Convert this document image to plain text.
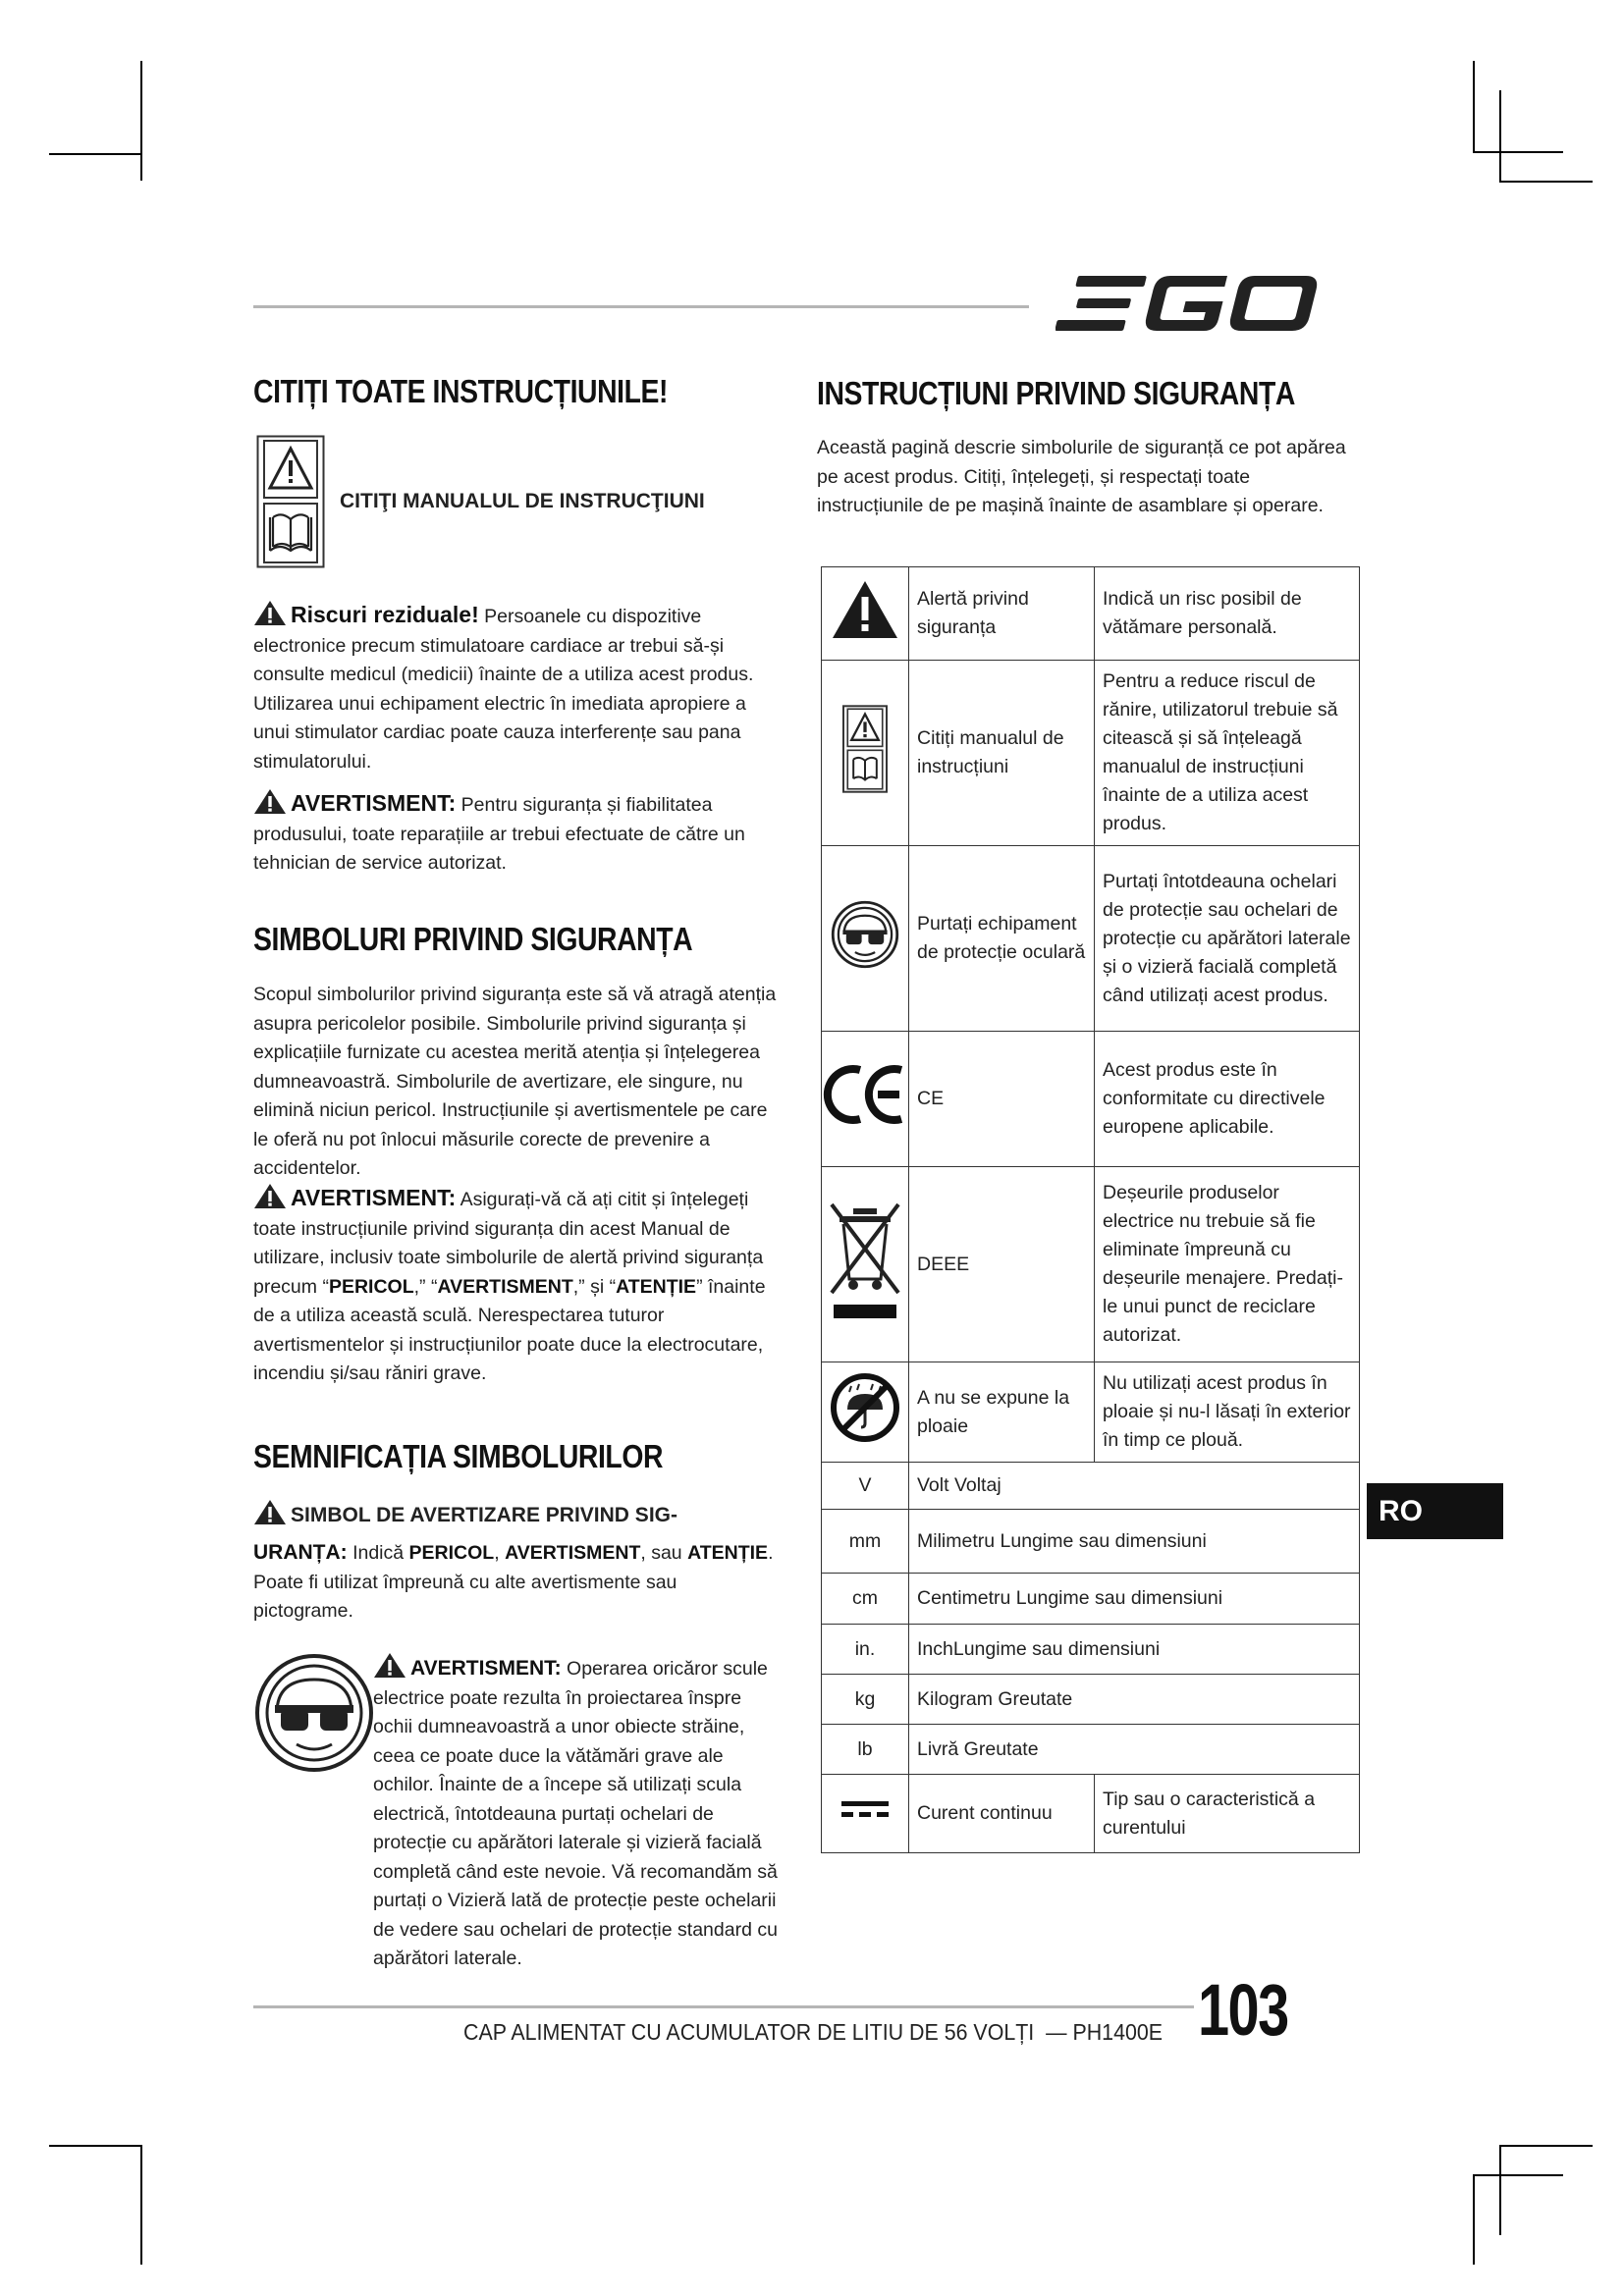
CITIȚI TOATE INSTRUCȚIUNILE!
CITIŢI MANUALUL DE INSTRUCŢIUNI
Riscuri reziduale! Persoanele cu dispozitive electronice precum stimulatoare cardiace ar trebui să-și consulte medicul (medicii) înainte de a utiliza acest produs. Utilizarea unui echipament electric în imediata apropiere a unui stimulator cardiac poate cauza interferențe sau pana stimulatorului.
AVERTISMENT: Pentru siguranța și fiabilitatea produsului, toate reparațiile ar trebui efectuate de către un tehnician de service autorizat.
SIMBOLURI PRIVIND SIGURANȚA
Scopul simbolurilor privind siguranța este să vă atragă atenția asupra pericolelor posibile. Simbolurile privind siguranța și explicațiile furnizate cu acestea merită atenția și înțelegerea dumneavoastră. Simbolurile de avertizare, ele singure, nu elimină niciun pericol. Instrucțiunile și avertismentele pe care le oferă nu pot înlocui măsurile corecte de prevenire a accidentelor.
AVERTISMENT: Asigurați-vă că ați citit și înțelegeți toate instrucțiunile privind siguranța din acest Manual de utilizare, inclusiv toate simbolurile de alertă privind siguranța precum “PERICOL,” “AVERTISMENT,” și “ATENȚIE” înainte de a utiliza această sculă. Nerespectarea tuturor avertismentelor și instrucțiunilor poate duce la electrocutare, incendiu și/sau răniri grave.
SEMNIFICAȚIA SIMBOLURILOR
SIMBOL DE AVERTIZARE PRIVIND SIG-
URANȚA: Indică PERICOL, AVERTISMENT, sau ATENȚIE. Poate fi utilizat împreună cu alte avertismente sau pictograme.
AVERTISMENT: Operarea oricăror scule electrice poate rezulta în proiectarea înspre ochii dumneavoastră a unor obiecte străine, ceea ce poate duce la vătămări grave ale ochilor. Înainte de a începe să utilizați scula electrică, întotdeauna purtați ochelari de protecție cu apărători laterale și vizieră facială completă când este nevoie. Vă recomandăm să purtați o Vizieră lată de protecție peste ochelarii de vedere sau ochelari de protecție standard cu apărători laterale.
INSTRUCȚIUNI PRIVIND SIGURANȚA
Această pagină descrie simbolurile de siguranță ce pot apărea pe acest produs. Citiți, înțelegeți, și respectați toate instrucțiunile de pe mașină înainte de asamblare și operare.
	Alertă privind siguranța	Indică un risc posibil de vătămare personală.
	Citiți manualul de instrucțiuni	Pentru a reduce riscul de rănire, utilizatorul trebuie să citească și să înțeleagă manualul de instrucțiuni înainte de a utiliza acest produs.
	Purtați echipament de protecție oculară	Purtați întotdeauna ochelari de protecție sau ochelari de protecție cu apărători laterale și o vizieră facială completă când utilizați acest produs.
	CE	Acest produs este în conformitate cu directivele europene aplicabile.
	DEEE	Deșeurile produselor electrice nu trebuie să fie eliminate împreună cu deșeurile menajere. Predați-le unui punct de reciclare autorizat.
	A nu se expune la ploaie	Nu utilizați acest produs în ploaie și nu-l lăsați în exterior în timp ce plouă.
V	Volt Voltaj	
mm	Milimetru Lungime sau dimensiuni	
cm	Centimetru Lungime sau dimensiuni	
in.	InchLungime sau dimensiuni	
kg	Kilogram Greutate	
lb	Livră Greutate	
	Curent continuu	Tip sau o caracteristică a curentului
RO
CAP ALIMENTAT CU ACUMULATOR DE LITIU DE 56 VOLȚI  — PH1400E 103
